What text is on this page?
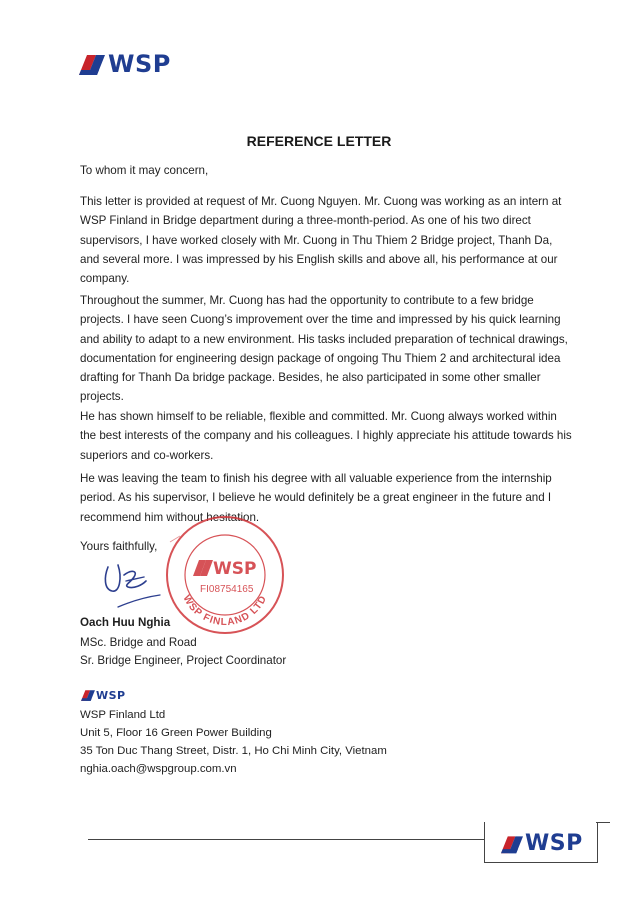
WSP
REFERENCE LETTER
To whom it may concern,
This letter is provided at request of Mr. Cuong Nguyen. Mr. Cuong was working as an intern at WSP Finland in Bridge department during a three-month-period. As one of his two direct supervisors, I have worked closely with Mr. Cuong in Thu Thiem 2 Bridge project, Thanh Da, and several more. I was impressed by his English skills and above all, his performance at our company.
Throughout the summer, Mr. Cuong has had the opportunity to contribute to a few bridge projects. I have seen Cuong’s improvement over the time and impressed by his quick learning and ability to adapt to a new environment. His tasks included preparation of technical drawings, documentation for engineering design package of ongoing Thu Thiem 2 and architectural idea drafting for Thanh Da bridge package. Besides, he also participated in some other smaller projects.
He has shown himself to be reliable, flexible and committed. Mr. Cuong always worked within the best interests of the company and his colleagues. I highly appreciate his attitude towards his superiors and co-workers.
He was leaving the team to finish his degree with all valuable experience from the internship period. As his supervisor, I believe he would definitely be a great engineer in the future and I recommend him without hesitation.
Yours faithfully,
WSP
FI08754165
WSP FINLAND LTD
Oach Huu Nghia
MSc. Bridge and Road
Sr. Bridge Engineer, Project Coordinator
WSP
WSP Finland Ltd
Unit 5, Floor 16 Green Power Building
35 Ton Duc Thang Street, Distr. 1, Ho Chi Minh City, Vietnam
nghia.oach@wspgroup.com.vn
WSP
